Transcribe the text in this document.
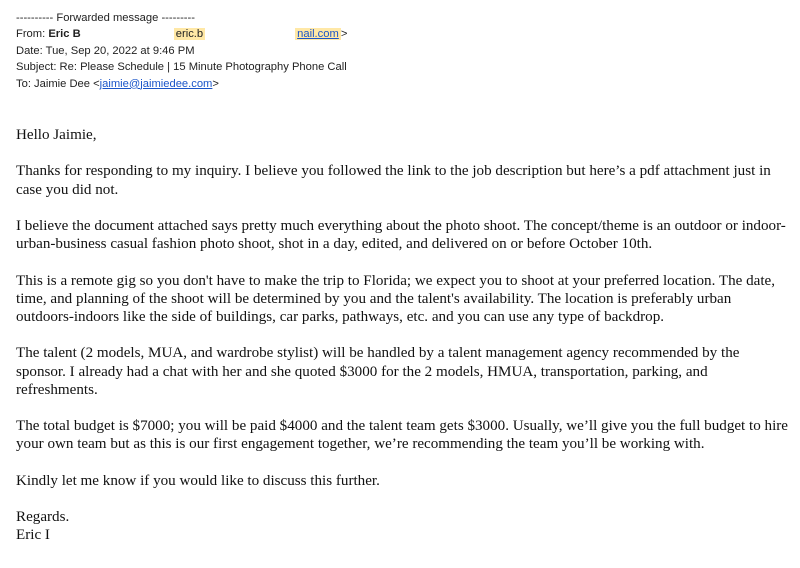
---------- Forwarded message ---------
From: Eric B	eric.b	nail.com >
Date: Tue, Sep 20, 2022 at 9:46 PM
Subject: Re: Please Schedule | 15 Minute Photography Phone Call
To: Jaimie Dee <jaimie@jaimiedee.com>

Hello Jaimie,

Thanks for responding to my inquiry. I believe you followed the link to the job description but here’s a pdf attachment just in case you did not.

I believe the document attached says pretty much everything about the photo shoot. The concept/theme is an outdoor or indoor-urban-business casual fashion photo shoot, shot in a day, edited, and delivered on or before October 10th.

This is a remote gig so you don't have to make the trip to Florida; we expect you to shoot at your preferred location. The date, time, and planning of the shoot will be determined by you and the talent's availability. The location is preferably urban outdoors-indoors like the side of buildings, car parks, pathways, etc. and you can use any type of backdrop.

The talent (2 models, MUA, and wardrobe stylist) will be handled by a talent management agency recommended by the sponsor. I already had a chat with her and she quoted $3000 for the 2 models, HMUA, transportation, parking, and refreshments.

The total budget is $7000; you will be paid $4000 and the talent team gets $3000. Usually, we’ll give you the full budget to hire your own team but as this is our first engagement together, we’re recommending the team you’ll be working with.

Kindly let me know if you would like to discuss this further.

Regards.

Eric I
